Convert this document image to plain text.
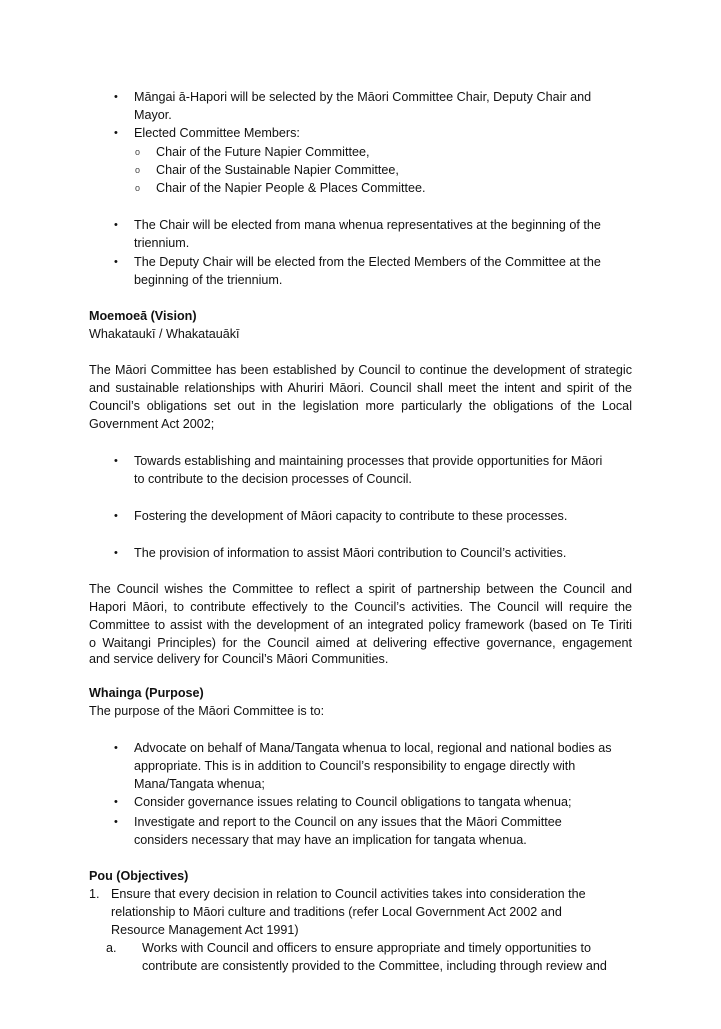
• Māngai ā-Hapori will be selected by the Māori Committee Chair, Deputy Chair and
Mayor.
• Elected Committee Members:
o Chair of the Future Napier Committee,
o Chair of the Sustainable Napier Committee,
o Chair of the Napier People & Places Committee.
• The Chair will be elected from mana whenua representatives at the beginning of the
triennium.
• The Deputy Chair will be elected from the Elected Members of the Committee at the
beginning of the triennium.
Moemoeā (Vision)
Whakataukī / Whakatauākī
The Māori Committee has been established by Council to continue the development of strategic
and sustainable relationships with Ahuriri Māori. Council shall meet the intent and spirit of the
Council’s obligations set out in the legislation more particularly the obligations of the Local
Government Act 2002;
• Towards establishing and maintaining processes that provide opportunities for Māori
to contribute to the decision processes of Council.
• Fostering the development of Māori capacity to contribute to these processes.
• The provision of information to assist Māori contribution to Council’s activities.
The Council wishes the Committee to reflect a spirit of partnership between the Council and
Hapori Māori, to contribute effectively to the Council’s activities. The Council will require the
Committee to assist with the development of an integrated policy framework (based on Te Tiriti
o Waitangi Principles) for the Council aimed at delivering effective governance, engagement
and service delivery for Council’s Māori Communities.
Whainga (Purpose)
The purpose of the Māori Committee is to:
• Advocate on behalf of Mana/Tangata whenua to local, regional and national bodies as
appropriate. This is in addition to Council’s responsibility to engage directly with
Mana/Tangata whenua;
• Consider governance issues relating to Council obligations to tangata whenua;
• Investigate and report to the Council on any issues that the Māori Committee
considers necessary that may have an implication for tangata whenua.
Pou (Objectives)
1. Ensure that every decision in relation to Council activities takes into consideration the
relationship to Māori culture and traditions (refer Local Government Act 2002 and
Resource Management Act 1991)
a. Works with Council and officers to ensure appropriate and timely opportunities to
contribute are consistently provided to the Committee, including through review and
